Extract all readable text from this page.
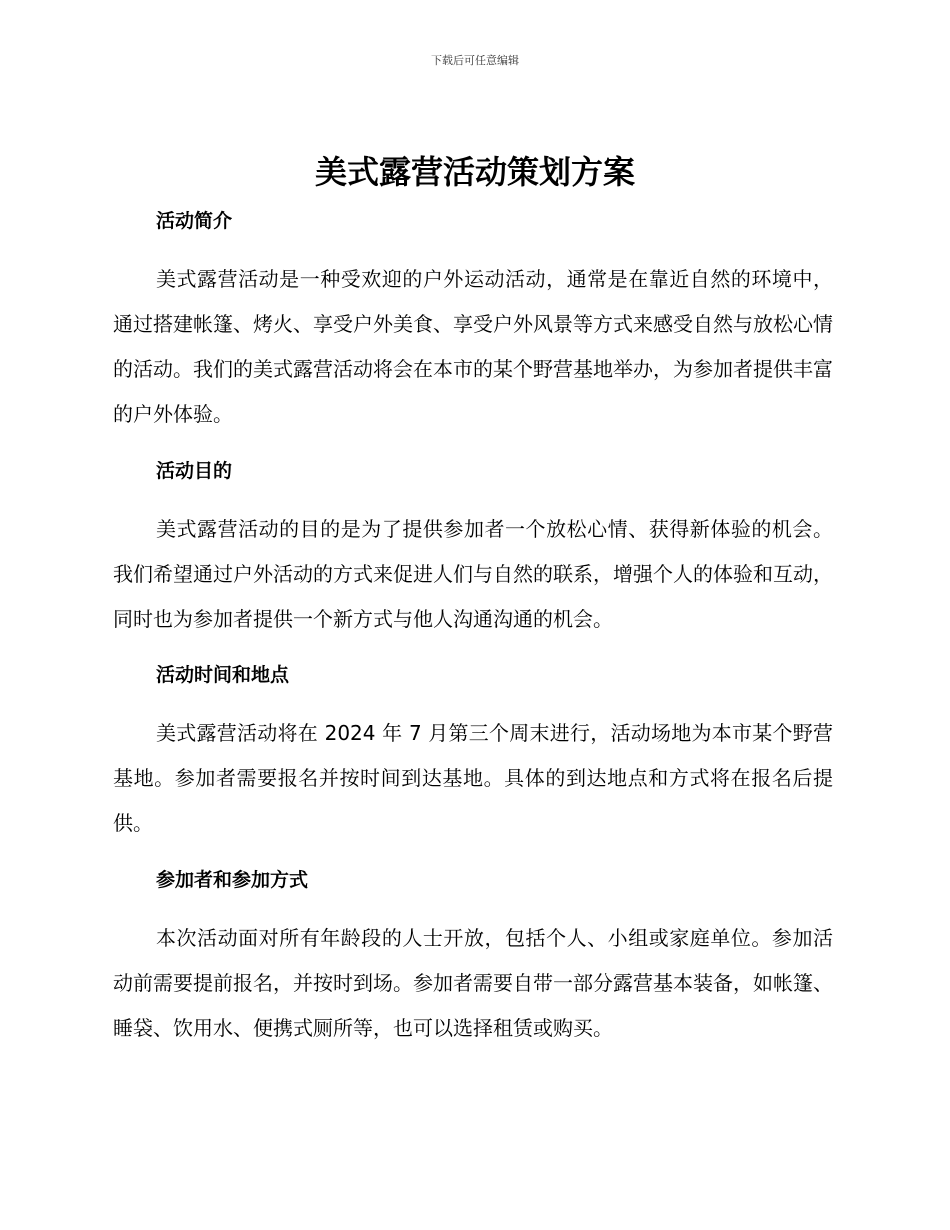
下载后可任意编辑
美式露营活动策划方案
活动简介

美式露营活动是一种受欢迎的户外运动活动，通常是在靠近自然的环境中，通过搭建帐篷、烤火、享受户外美食、享受户外风景等方式来感受自然与放松心情的活动。我们的美式露营活动将会在本市的某个野营基地举办，为参加者提供丰富的户外体验。

活动目的

美式露营活动的目的是为了提供参加者一个放松心情、获得新体验的机会。我们希望通过户外活动的方式来促进人们与自然的联系，增强个人的体验和互动，同时也为参加者提供一个新方式与他人沟通沟通的机会。

活动时间和地点

美式露营活动将在 2024 年 7 月第三个周末进行，活动场地为本市某个野营基地。参加者需要报名并按时间到达基地。具体的到达地点和方式将在报名后提供。

参加者和参加方式

本次活动面对所有年龄段的人士开放，包括个人、小组或家庭单位。参加活动前需要提前报名，并按时到场。参加者需要自带一部分露营基本装备，如帐篷、睡袋、饮用水、便携式厕所等，也可以选择租赁或购买。
